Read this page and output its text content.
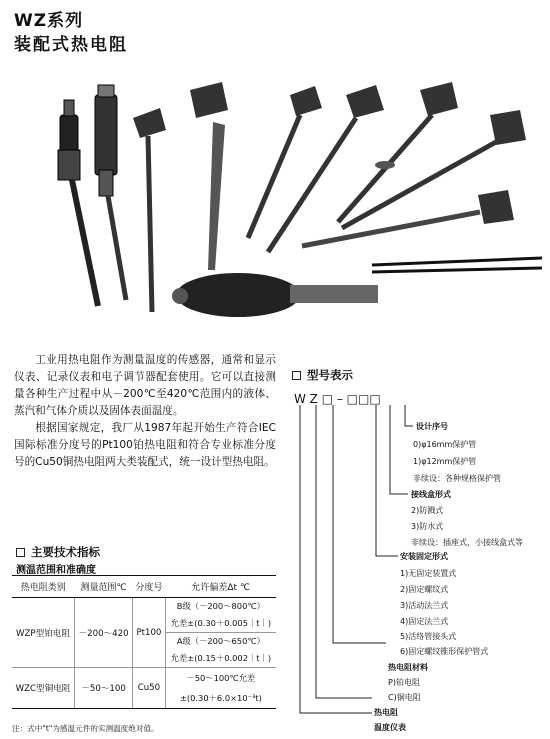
WZ系列
装配式热电阻

工业用热电阻作为测量温度的传感器，通常和显示仪表、记录仪表和电子调节器配套使用。它可以直接测量各种生产过程中从－200℃至420℃范围内的液体、蒸汽和气体介质以及固体表面温度。

根据国家规定，我厂从1987年起开始生产符合IEC国际标准分度号的Pt100铂热电阻和符合专业标准分度号的Cu50铜热电阻两大类装配式，统一设计型热电阻。

主要技术指标
测温范围和准确度
热电阻类别	测量范围℃	分度号	允许偏差Δt ℃
WZP型铂电阻	－200～420	Pt100	B级（－200～800℃）
			允差±(0.30＋0.005｜t｜)
			A级（－200～650℃）
			允差±(0.15＋0.002｜t｜)
WZC型铜电阻	－50～100	Cu50	－50～100℃允差
			±(0.30＋6.0×10⁻³t)
注：式中"t"为感温元件的实测温度绝对值。
型号表示
W Z □ – □□□
设计序号
0)φ16mm保护管
1)φ12mm保护管
非续设：各种规格保护管
接线盒形式
2)防溅式
3)防水式
非续设：插座式，小接线盒式等
安装固定形式
1)无固定装置式
2)固定螺纹式
3)活动法兰式
4)固定法兰式
5)活络管接头式
6)固定螺纹锥形保护管式
热电阻材料
P)铂电阻
C)铜电阻
热电阻
温度仪表
